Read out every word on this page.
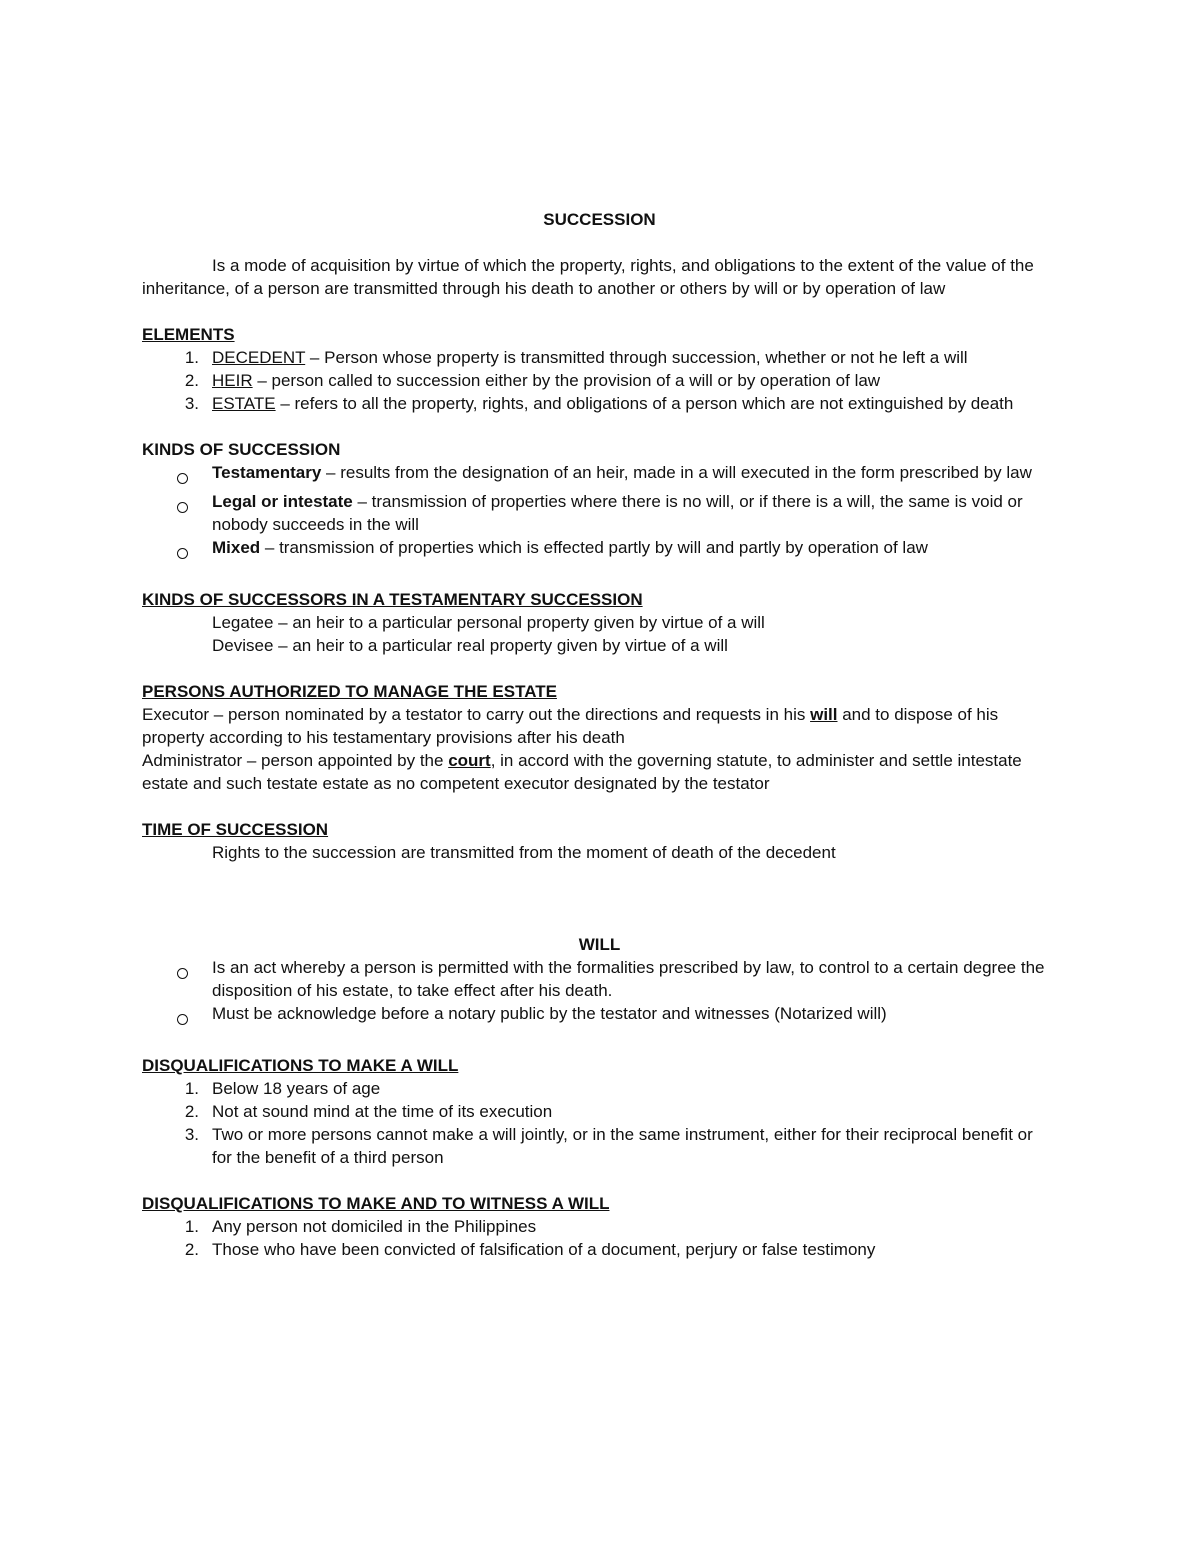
SUCCESSION

Is a mode of acquisition by virtue of which the property, rights, and obligations to the extent of the value of the inheritance, of a person are transmitted through his death to another or others by will or by operation of law

ELEMENTS

1. DECEDENT – Person whose property is transmitted through succession, whether or not he left a will
2. HEIR – person called to succession either by the provision of a will or by operation of law
3. ESTATE – refers to all the property, rights, and obligations of a person which are not extinguished by death

KINDS OF SUCCESSION

Testamentary – results from the designation of an heir, made in a will executed in the form prescribed by law
Legal or intestate – transmission of properties where there is no will, or if there is a will, the same is void or nobody succeeds in the will
Mixed – transmission of properties which is effected partly by will and partly by operation of law

KINDS OF SUCCESSORS IN A TESTAMENTARY SUCCESSION

Legatee – an heir to a particular personal property given by virtue of a will

Devisee – an heir to a particular real property given by virtue of a will

PERSONS AUTHORIZED TO MANAGE THE ESTATE

Executor – person nominated by a testator to carry out the directions and requests in his will and to dispose of his property according to his testamentary provisions after his death

Administrator – person appointed by the court, in accord with the governing statute, to administer and settle intestate estate and such testate estate as no competent executor designated by the testator

TIME OF SUCCESSION

Rights to the succession are transmitted from the moment of death of the decedent

WILL

Is an act whereby a person is permitted with the formalities prescribed by law, to control to a certain degree the disposition of his estate, to take effect after his death.
Must be acknowledge before a notary public by the testator and witnesses (Notarized will)

DISQUALIFICATIONS TO MAKE A WILL

1. Below 18 years of age
2. Not at sound mind at the time of its execution
3. Two or more persons cannot make a will jointly, or in the same instrument, either for their reciprocal benefit or for the benefit of a third person

DISQUALIFICATIONS TO MAKE AND TO WITNESS A WILL

1. Any person not domiciled in the Philippines
2. Those who have been convicted of falsification of a document, perjury or false testimony
